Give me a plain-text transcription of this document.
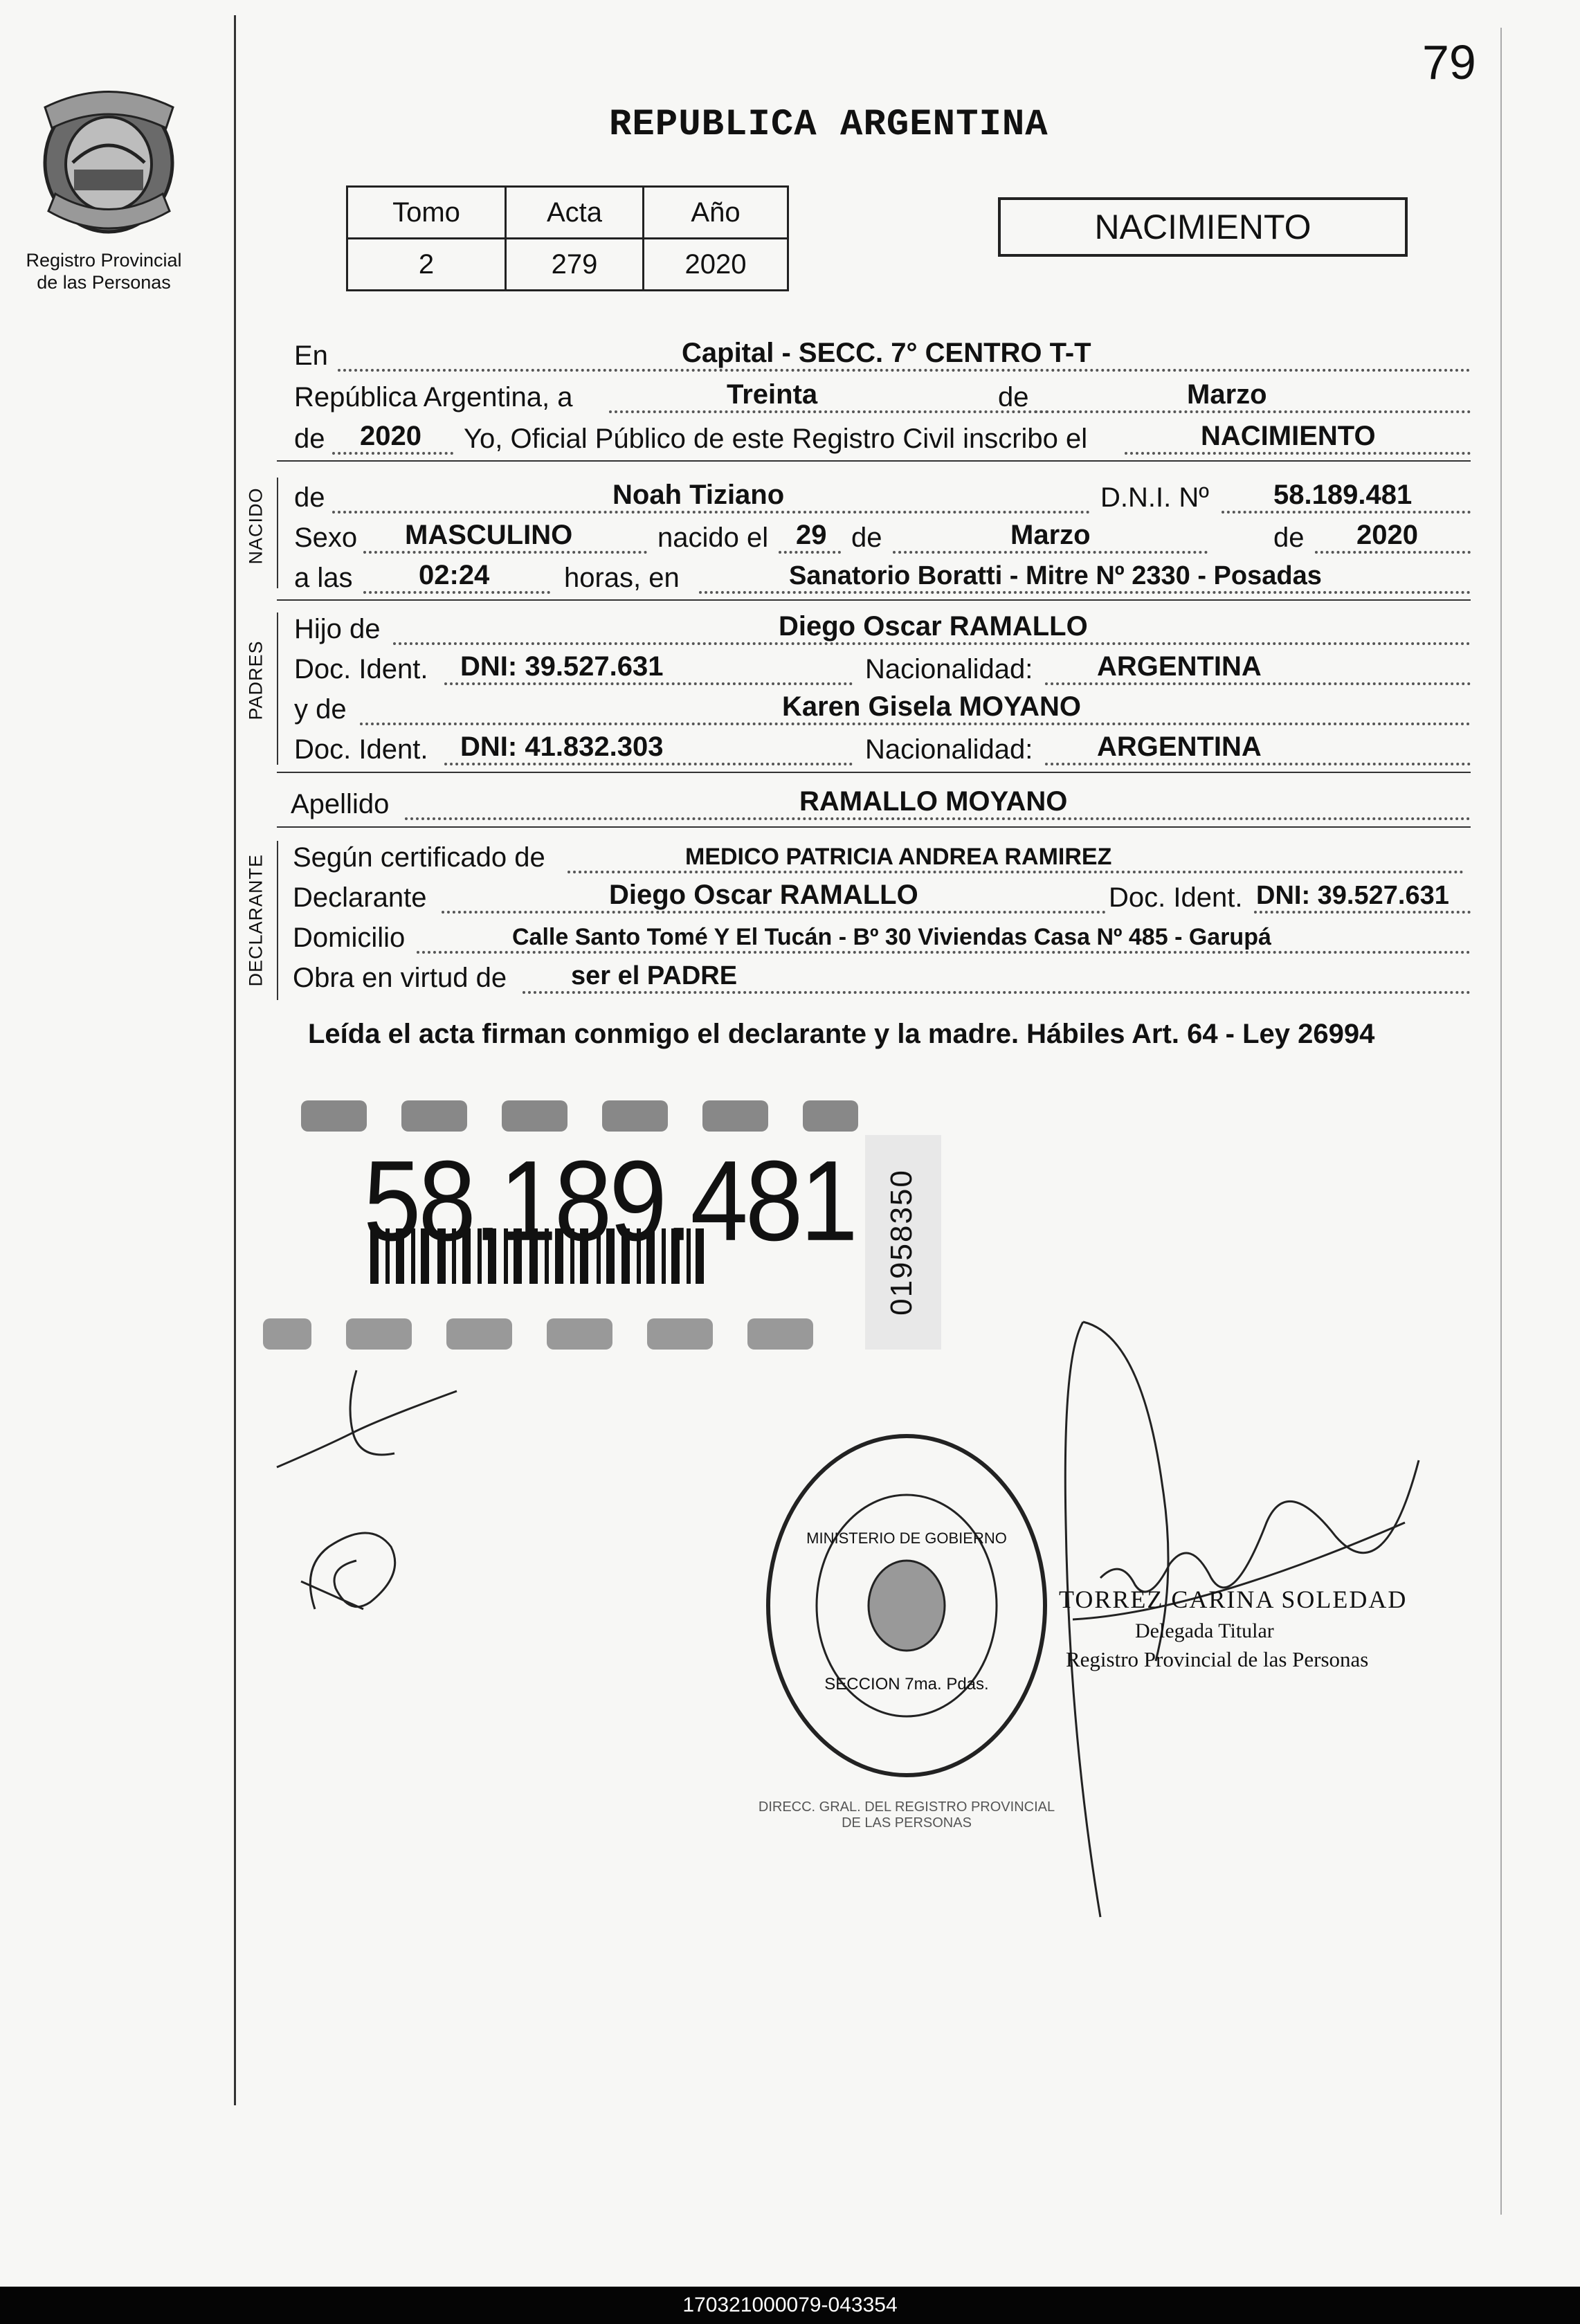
79
Registro Provincial
de las Personas
REPUBLICA ARGENTINA
Tomo	Acta	Año
2	279	2020
NACIMIENTO
En	Capital - SECC. 7° CENTRO T-T
República Argentina, a	Treinta	de	Marzo
de 2020 Yo, Oficial Público de este Registro Civil inscribo el	NACIMIENTO
NACIDO de	Noah Tiziano	D.N.I. Nº 58.189.481
Sexo MASCULINO	nacido el 29 de	Marzo	de 2020
a las 02:24	horas, en	Sanatorio Boratti - Mitre Nº 2330 - Posadas
PADRES
Hijo de	Diego Oscar RAMALLO
Doc. Ident. DNI: 39.527.631	Nacionalidad: ARGENTINA
y de	Karen Gisela MOYANO
Doc. Ident. DNI: 41.832.303	Nacionalidad: ARGENTINA
Apellido	RAMALLO MOYANO
DECLARANTE Según certificado de	MEDICO PATRICIA ANDREA RAMIREZ
Declarante	Diego Oscar RAMALLO	Doc. Ident. DNI: 39.527.631
Domicilio	Calle Santo Tomé Y El Tucán - Bº 30 Viviendas Casa Nº 485 - Garupá
Obra en virtud de ser el PADRE
Leída el acta firman conmigo el declarante y la madre. Hábiles Art. 64 - Ley 26994
58.189.481 01958350
DIRECC. GRAL. DEL REGISTRO PROVINCIAL DE LAS PERSONAS
MINISTERIO DE GOBIERNO
SECCION 7ma. Pdas.
TORREZ CARINA SOLEDAD
Delegada Titular
Registro Provincial de las Personas
170321000079-043354
